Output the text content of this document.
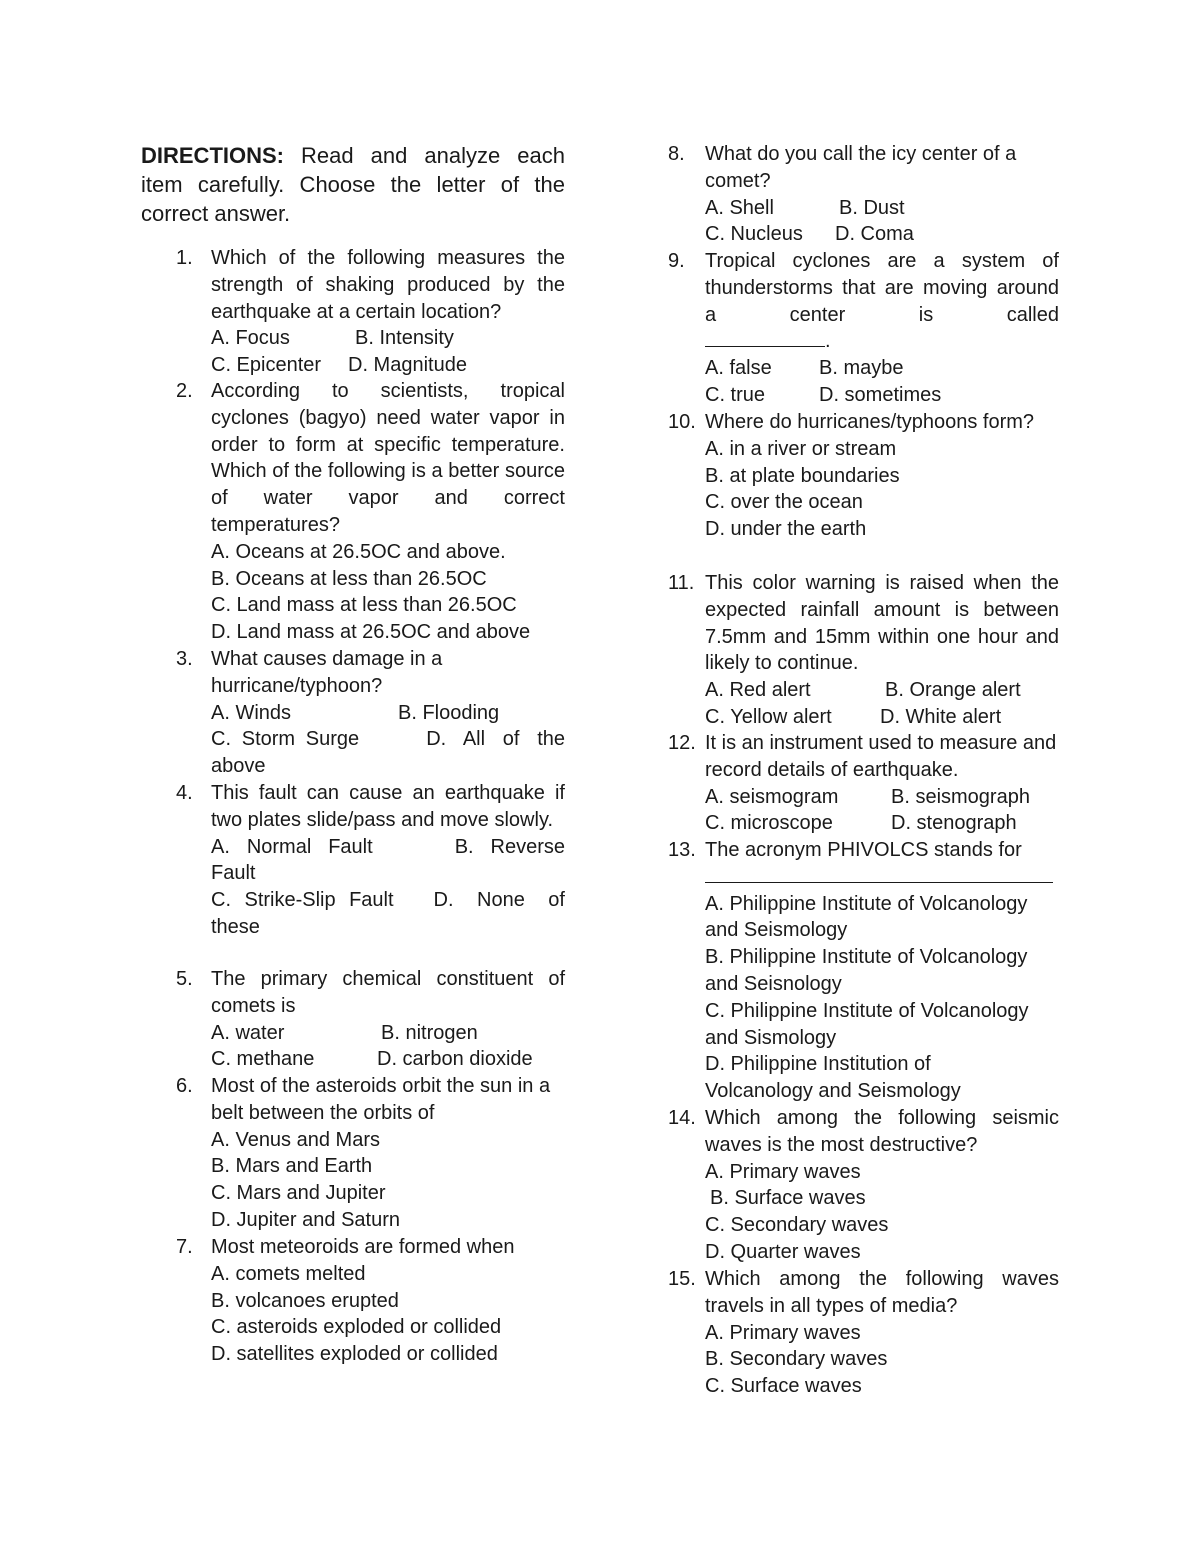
DIRECTIONS: Read and analyze each item carefully. Choose the letter of the correct answer.

1. Which of the following measures the strength of shaking produced by the earthquake at a certain location?
A. Focus	B. Intensity
C. Epicenter	D. Magnitude
2. According to scientists, tropical cyclones (bagyo) need water vapor in order to form at specific temperature. Which of the following is a better source of water vapor and correct temperatures?
A. Oceans at 26.5OC and above.
B. Oceans at less than 26.5OC
C. Land mass at less than 26.5OC
D. Land mass at 26.5OC and above
3. What causes damage in a hurricane/typhoon?
A. Winds	B. Flooding
C. Storm Surge	D. All of the above
4. This fault can cause an earthquake if two plates slide/pass and move slowly.
A. Normal Fault	B. Reverse Fault
C. Strike-Slip Fault D. None of these
5. The primary chemical constituent of comets is
A. water	B. nitrogen
C. methane	D. carbon dioxide
6. Most of the asteroids orbit the sun in a belt between the orbits of
A. Venus and Mars
B. Mars and Earth
C. Mars and Jupiter
D. Jupiter and Saturn
7. Most meteoroids are formed when
A. comets melted
B. volcanoes erupted
C. asteroids exploded or collided
D. satellites exploded or collided
8. What do you call the icy center of a comet?
A. Shell	B. Dust
C. Nucleus	D. Coma
9. Tropical cyclones are a system of thunderstorms that are moving around a center is called
.
A. false	B. maybe
C. true	D. sometimes
10. Where do hurricanes/typhoons form?
A. in a river or stream
B. at plate boundaries
C. over the ocean
D. under the earth
11. This color warning is raised when the expected rainfall amount is between 7.5mm and 15mm within one hour and likely to continue.
A. Red alert	B. Orange alert
C. Yellow alert	D. White alert
12. It is an instrument used to measure and record details of earthquake.
A. seismogram	B. seismograph
C. microscope	D. stenograph
13. The acronym PHIVOLCS stands for
A. Philippine Institute of Volcanology and Seismology
B. Philippine Institute of Volcanology and Seisnology
C. Philippine Institute of Volcanology and Sismology
D. Philippine Institution of Volcanology and Seismology
14. Which among the following seismic waves is the most destructive?
A. Primary waves
B. Surface waves
C. Secondary waves
D. Quarter waves
15. Which among the following waves travels in all types of media?
A. Primary waves
B. Secondary waves
C. Surface waves
